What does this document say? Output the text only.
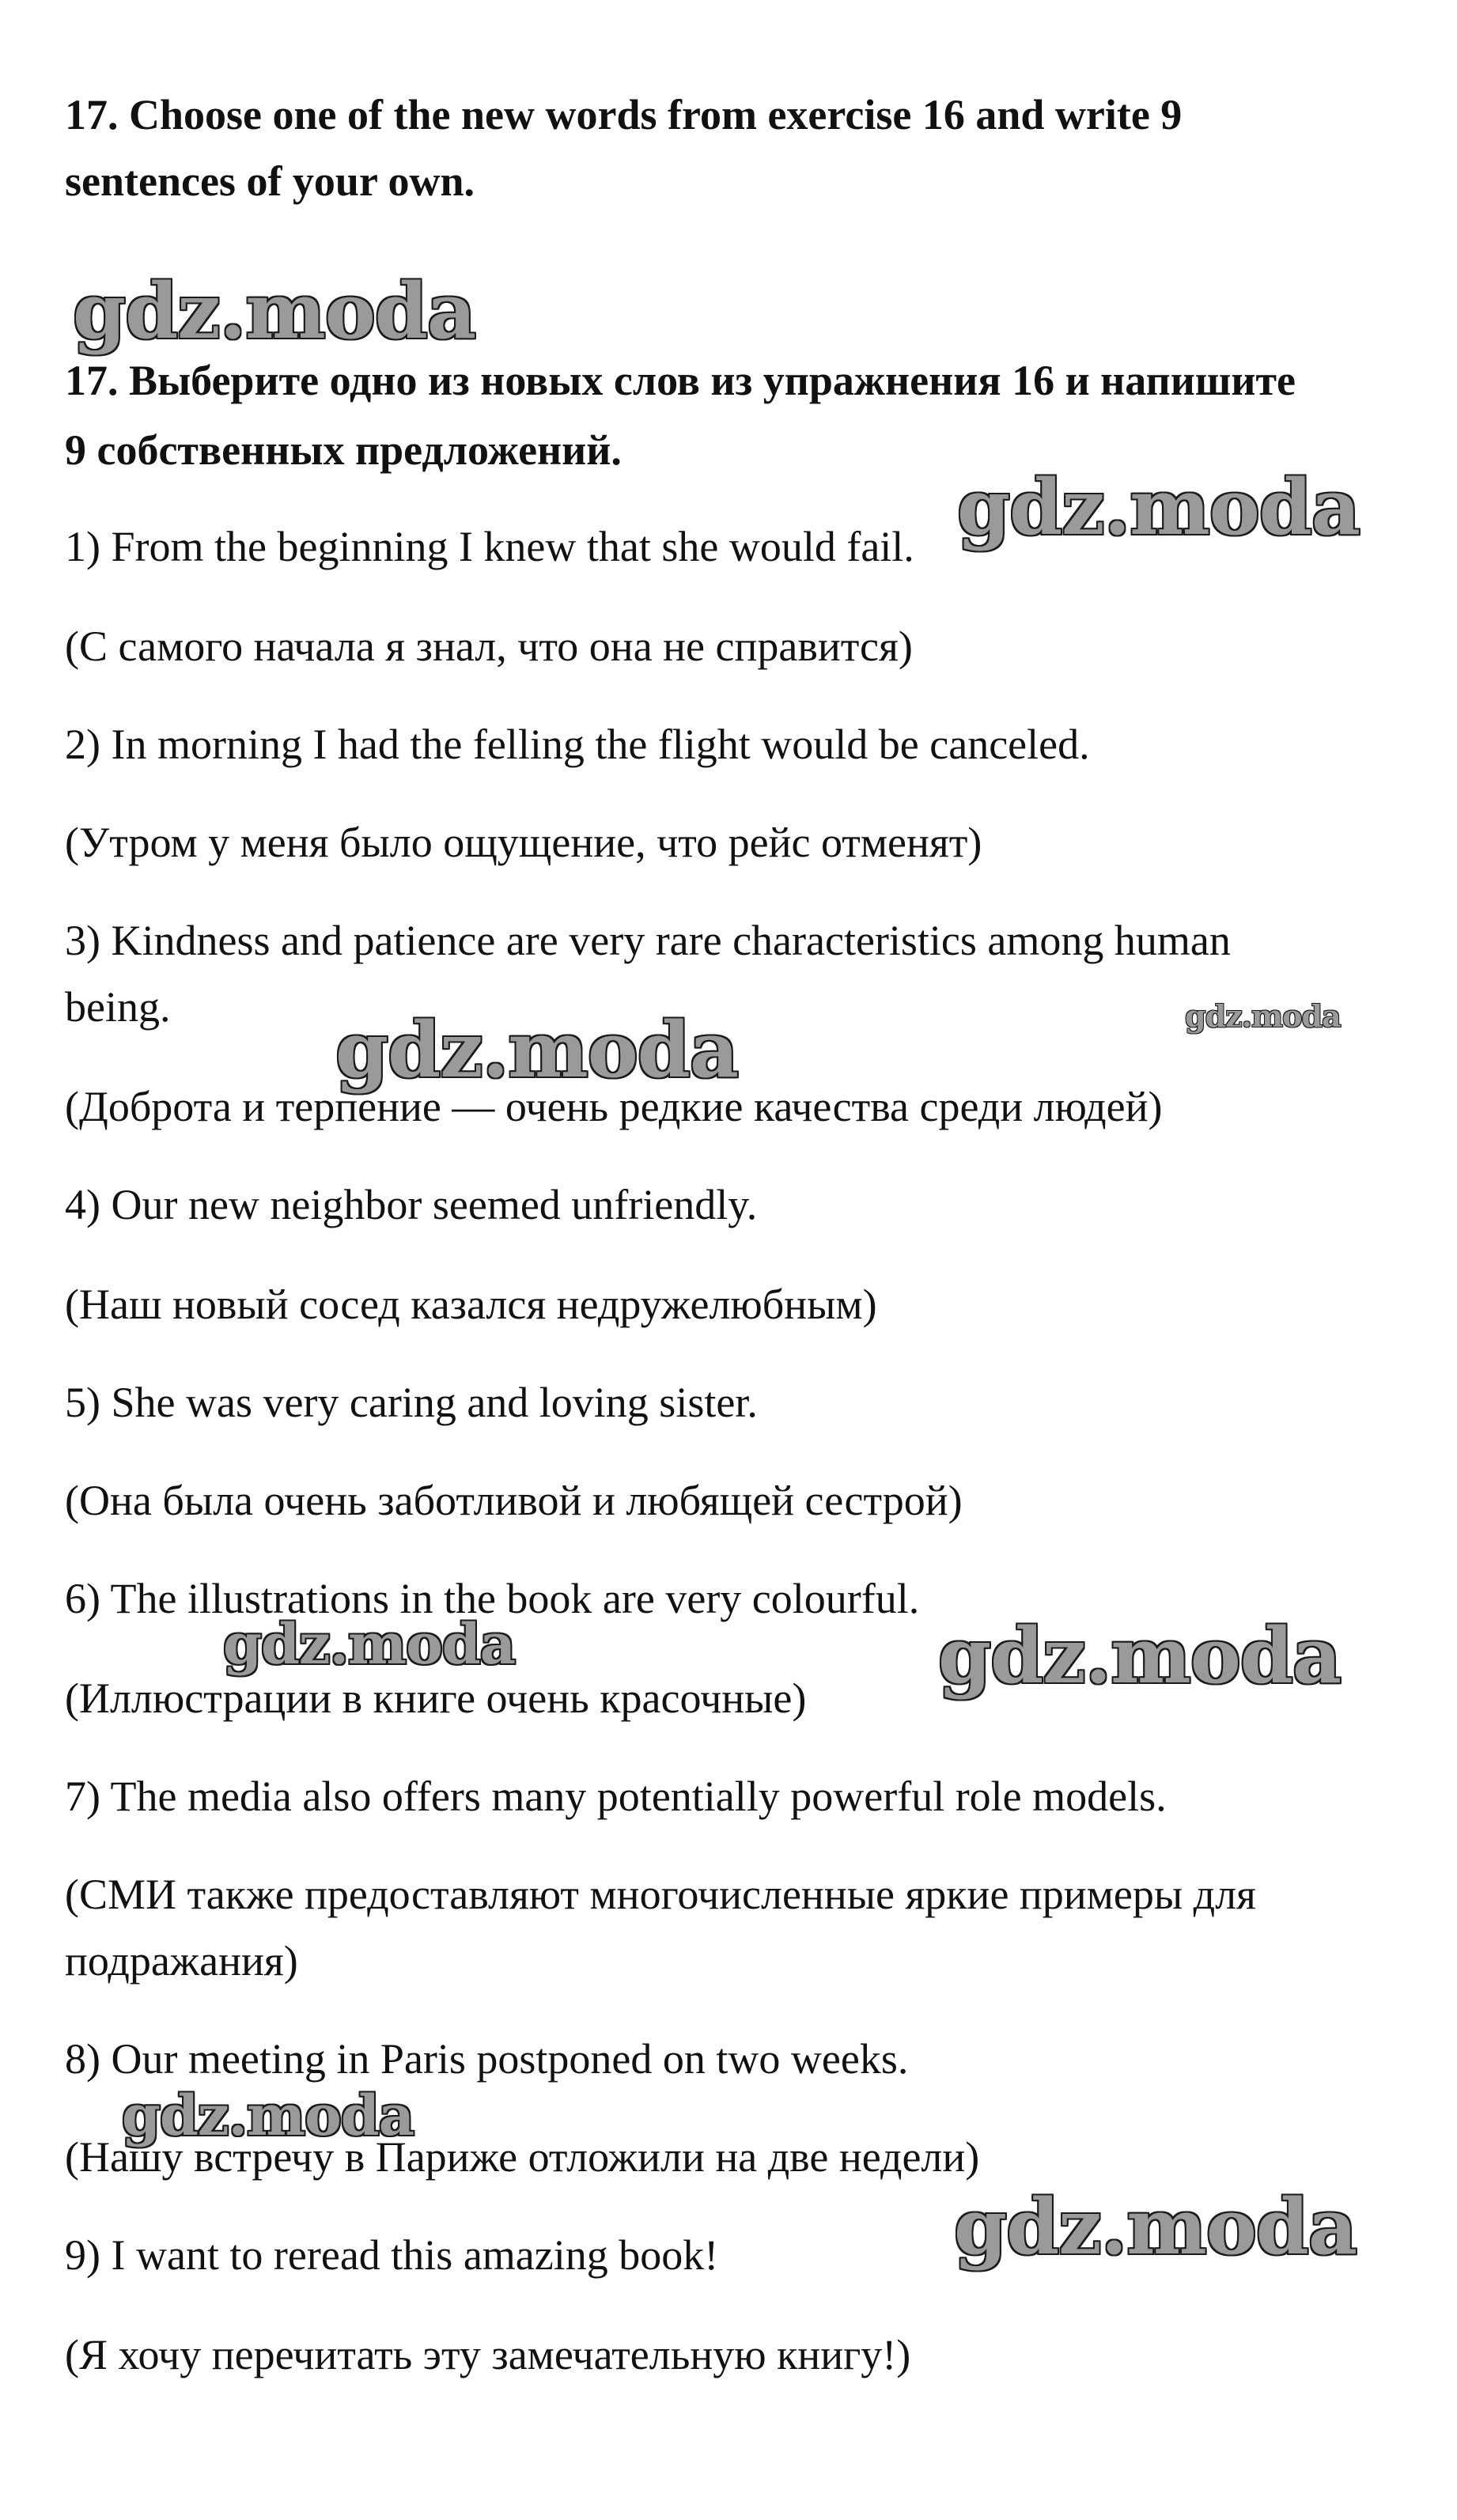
17. Choose one of the new words from exercise 16 and write 9

sentences of your own.

17. Выберите одно из новых слов из упражнения 16 и напишите

9 собственных предложений.

1) From the beginning I knew that she would fail.

(С самого начала я знал, что она не справится)

2) In morning I had the felling the flight would be canceled.

(Утром у меня было ощущение, что рейс отменят)

3) Kindness and patience are very rare characteristics among human

being.

(Доброта и терпение — очень редкие качества среди людей)

4) Our new neighbor seemed unfriendly.

(Наш новый сосед казался недружелюбным)

5) She was very caring and loving sister.

(Она была очень заботливой и любящей сестрой)

6) The illustrations in the book are very colourful.

(Иллюстрации в книге очень красочные)

7) The media also offers many potentially powerful role models.

(СМИ также предоставляют многочисленные яркие примеры для

подражания)

8) Our meeting in Paris postponed on two weeks.

(Нашу встречу в Париже отложили на две недели)

9) I want to reread this amazing book!

(Я хочу перечитать эту замечательную книгу!)

gdz.moda
gdz.moda
gdz.moda
gdz.moda
gdz.moda	gdz.moda
gdz.moda
gdz.moda
